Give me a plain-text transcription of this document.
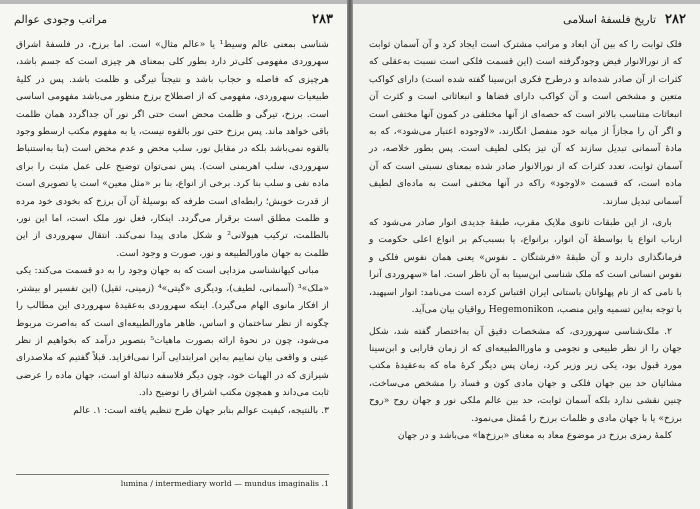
مراتب وجودی عوالم	۲۸۳

شناسی بمعنی عالم وسیط¹ یا «عالم مثال» است. اما برزخ، در فلسفهٔ اشراق سهروردی مفهومی کلی‌تر دارد بطور کلی بمعنای هر چیزی است که جسم باشد، هرچیزی که فاصله و حجاب باشد و نتیجتاً تیرگی و ظلمت باشد. پس در کلیهٔ طبیعیات سهروردی، مفهومی که از اصطلاح برزخ منظور می‌باشد مفهومی اساسی است. برزخ، تیرگی و ظلمت محض است حتی اگر نور آن جداگردد همان ظلمت باقی خواهد ماند. پس برزخ حتی نور بالقوه نیست، یا به مفهوم مکتب ارسطو وجود بالقوه نمی‌باشد بلکه در مقابل نور، سلب محض و عدم محض است (بنا به‌استنباط سهروردی، سلب اهریمنی است). پس نمی‌توان توضیح علی عمل مثبت را برای ماده نفی و سلب بنا کرد. برخی از انواع، بنا بر «مثل معین» است یا تصویری است از قدرت خویش؛ رابطه‌ای است طرفه که بوسیلهٔ آن آن برزخ که بخودی خود مرده و ظلمت مطلق است برقرار می‌گردد. اینکار، فعل نور ملک است، اما این نور، بالطلمت، ترکیب هیولانی² و شکل مادی پیدا نمی‌کند. انتقال سهروردی از این ظلمت به جهان ماورالطبیعه و نور، صورت و وجود است.

مبانی کیهانشناسی مزدایی است که به جهان وجود را به دو قسمت می‌کند: یکی «ملک»³ (آسمانی، لطیف)، ودیگری «گیتی»⁴ (زمینی، ثقیل) (این تفسیر او بیشتر، از افکار مانوی الهام می‌گیرد). اینکه سهروردی به‌عقیدهٔ سهروردی این مطالب را چگونه از نظر ساختمان و اساس، ظاهر ماورالطبیعه‌ای است که به‌اصرت مربوط می‌شود، چون در نحوهٔ ارائه بصورت ماهیات⁵ بتصویر درآمد که بخواهیم از نظر عینی و واقعی بیان نماییم به‌این امرابتدایی آنرا نمی‌افزاید. قبلاً گفتیم که ملاصدرای شیرازی که در الهیات خود، چون دیگر فلاسفه دنبالهٔ او است، جهان ماده را عرضی ثابت می‌داند و همچون مکتب اشراق را توضیح داد.

۳. بالنتیجه، کیفیت عوالم بنابر جهان طرح تنظیم یافته است: ۱. عالم

1. lumina / intermediary world — mundus imaginalis

تاریخ فلسفهٔ اسلامی ۲۸۲

فلک ثوابت را که بین آن ابعاد و مراتب مشترک است ایجاد کرد و آن آسمان ثوابت که از نورالانوار فیض وجودگرفته است (این قسمت فلکی است نسبت به‌عقلی که کثرات از آن صادر شده‌اند و درطرح فکری ابن‌سینا گفته شده است) دارای کواکب متعین و مشخص است و آن کواکب دارای فضاها و انبعاثاتی است و کثرت آن انبعاثات متناسب بالاتر است که حصه‌ای از آنها مختلفی در کمون آنها مختفی است و اگر آن را مجازاً از میانه خود منفصل انگارند، «لاوجوده اعتبار می‌شود»، که به مادهٔ آسمانی تبدیل سازند که آن تیز بکلی لطیف است. پس بطور خلاصه، در آسمان ثوابت، تعدد کثرات که از نورالانوار صادر شده بمعنای نسبتی است که آن ماده است، که قسمت «لاوجود» راکه در آنها مختفی است به ماده‌ای لطیف آسمانی تبدیل سازند.

باری، از این طبقات ثانوی ملایک مقرب، طبقهٔ جدیدی انوار صادر می‌شود که ارباب انواع یا بواسطهٔ آن انوار، برانواع، یا بسبب‌کم بر انواع اعلی حکومت و فرمانگذاری دارند و آن طبقهٔ «فرشتگان ـ نفوس» یعنی همان نفوس فلکی و نفوس انسانی است که ملک شناسی ابن‌سینا به آن ناظر است. اما «سهروردی آنرا با نامی که از نام پهلوانان باستانی ایران اقتباس کرده است می‌نامد: انوار اسپهبد، با توجه به‌این تسمیه واین منصب، Hegemonikon رواقیان بیان می‌آید.

۲. ملک‌شناسی سهروردی، که مشخصات دقیق آن به‌اختصار گفته شد، شکل جهان را از نظر طبیعی و نجومی و ماوراالطبیعه‌ای که از زمان فارابی و ابن‌سینا مورد قبول بود، یکی زیر وزیر کرد، زمان پس دیگر کرهٔ ماه که به‌عقیدهٔ مکتب مشائیان حد بین جهان فلکی و جهان مادی کون و فساد را مشخص می‌ساخت، چنین نقشی ندارد بلکه آسمان ثوابت، حد بین عالم ملکی نور و جهان روح «روح برزخ» یا با جهان مادی و ظلمات برزخ را مُمثل می‌نمود.

کلمهٔ رمزی برزخ در موضوع معاد به معنای «برزخ‌ها» می‌باشد و در جهان
